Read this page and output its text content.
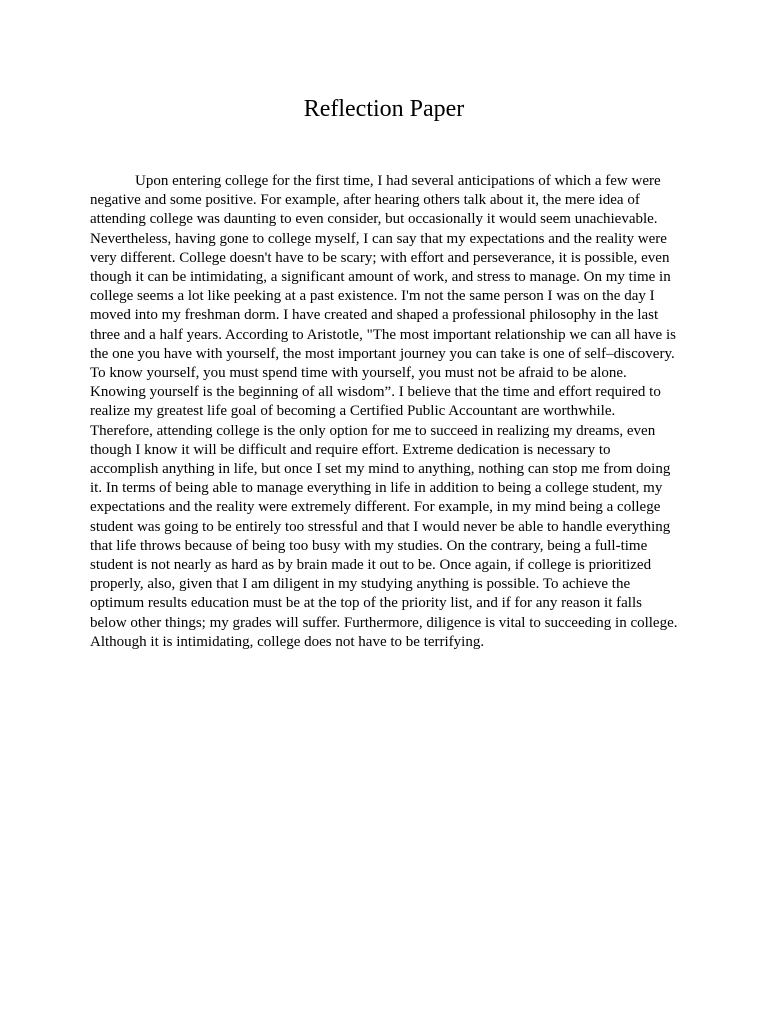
Reflection Paper

Upon entering college for the first time, I had several anticipations of which a few were negative and some positive. For example, after hearing others talk about it, the mere idea of attending college was daunting to even consider, but occasionally it would seem unachievable. Nevertheless, having gone to college myself, I can say that my expectations and the reality were very different. College doesn't have to be scary; with effort and perseverance, it is possible, even though it can be intimidating, a significant amount of work, and stress to manage. On my time in college seems a lot like peeking at a past existence. I'm not the same person I was on the day I moved into my freshman dorm. I have created and shaped a professional philosophy in the last three and a half years. According to Aristotle, "The most important relationship we can all have is the one you have with yourself, the most important journey you can take is one of self–discovery. To know yourself, you must spend time with yourself, you must not be afraid to be alone. Knowing yourself is the beginning of all wisdom”. I believe that the time and effort required to realize my greatest life goal of becoming a Certified Public Accountant are worthwhile. Therefore, attending college is the only option for me to succeed in realizing my dreams, even though I know it will be difficult and require effort. Extreme dedication is necessary to accomplish anything in life, but once I set my mind to anything, nothing can stop me from doing it. In terms of being able to manage everything in life in addition to being a college student, my expectations and the reality were extremely different. For example, in my mind being a college student was going to be entirely too stressful and that I would never be able to handle everything that life throws because of being too busy with my studies. On the contrary, being a full-time student is not nearly as hard as by brain made it out to be. Once again, if college is prioritized properly, also, given that I am diligent in my studying anything is possible. To achieve the optimum results education must be at the top of the priority list, and if for any reason it falls below other things; my grades will suffer. Furthermore, diligence is vital to succeeding in college. Although it is intimidating, college does not have to be terrifying.
